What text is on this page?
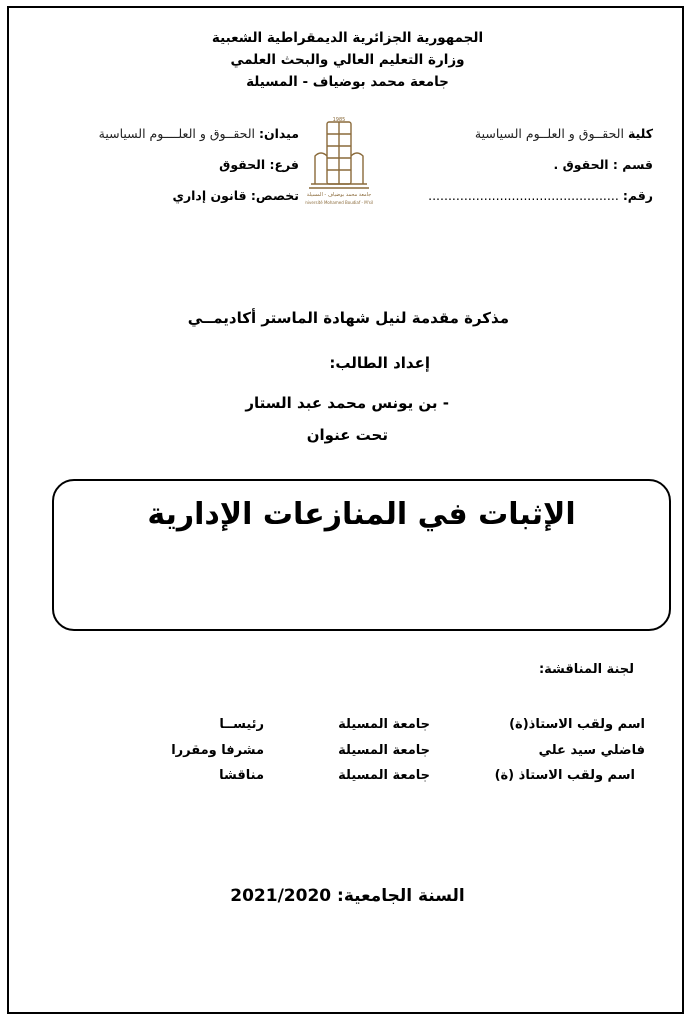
الجمهورية الجزائرية الديمقراطية الشعبية
وزارة التعليم العالي والبحث العلمي
جامعة محمد بوضياف - المسيلة
كلية الحقــوق و العلــوم السياسية
قسم : الحقوق .
رقم: ................................................
ميدان: الحقــوق و العلــــوم السياسية
فرع: الحقوق
تخصص: قانون إداري
1985
جامعة محمد بوضياف - المسيلة
Université Mohamed Boudiaf - M'sila
مذكرة مقدمة لنيل شهادة الماستر أكاديمــي
إعداد الطالب:
- بن يونس محمد عبد الستار
تحت عنوان
الإثبات في المنازعات الإدارية
لجنة المناقشة:
اسم ولقب الاستاذ(ة)
جامعة المسيلة
رئيســا
فاضلي سيد علي
جامعة المسيلة
مشرفا ومقررا
اسم ولقب الاستاذ (ة)
جامعة المسيلة
مناقشا
السنة الجامعية: 2021/2020
